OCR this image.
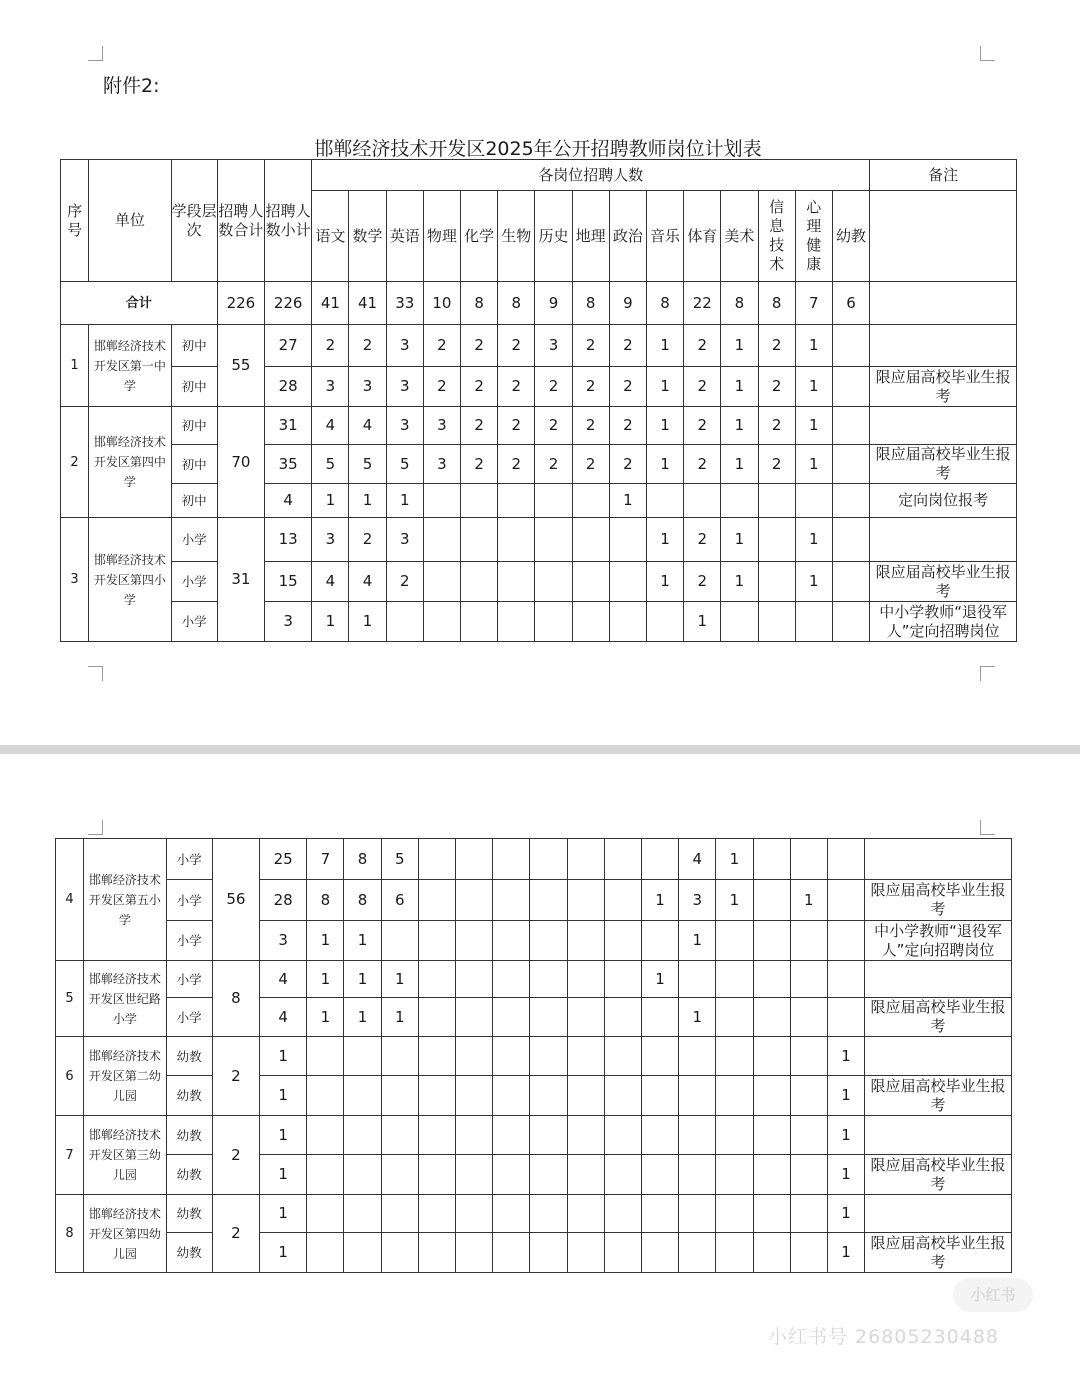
附件2:
邯郸经济技术开发区2025年公开招聘教师岗位计划表
序号	单位	学段层次	招聘人数合计	招聘人数小计	各岗位招聘人数															备注
					语文	数学	英语	物理	化学	生物	历史	地理	政治	音乐	体育	美术	信息技术	心理健康	幼教	
合计			226	226	41	41	33	10	8	8	9	8	9	8	22	8	8	7	6	
1	邯郸经济技术开发区第一中学	初中	55	27	2	2	3	2	2	2	3	2	2	1	2	1	2	1		
		初中		28	3	3	3	2	2	2	2	2	2	1	2	1	2	1		限应届高校毕业生报考
2	邯郸经济技术开发区第四中学	初中	70	31	4	4	3	3	2	2	2	2	2	1	2	1	2	1		
		初中		35	5	5	5	3	2	2	2	2	2	1	2	1	2	1		限应届高校毕业生报考
		初中		4	1	1	1						1							定向岗位报考
3	邯郸经济技术开发区第四小学	小学	31	13	3	2	3							1	2	1		1		
		小学		15	4	4	2							1	2	1		1		限应届高校毕业生报考
		小学		3	1	1									1					中小学教师“退役军人”定向招聘岗位
4	邯郸经济技术开发区第五小学	小学	56	25	7	8	5								4	1				
		小学		28	8	8	6							1	3	1		1		限应届高校毕业生报考
		小学		3	1	1									1					中小学教师“退役军人”定向招聘岗位
5	邯郸经济技术开发区世纪路小学	小学	8	4	1	1	1							1						
		小学		4	1	1	1								1					限应届高校毕业生报考
6	邯郸经济技术开发区第二幼儿园	幼教	2	1															1	
		幼教		1															1	限应届高校毕业生报考
7	邯郸经济技术开发区第三幼儿园	幼教	2	1															1	
		幼教		1															1	限应届高校毕业生报考
8	邯郸经济技术开发区第四幼儿园	幼教	2	1															1	
		幼教		1															1	限应届高校毕业生报考
小红书
小红书号 26805230488
